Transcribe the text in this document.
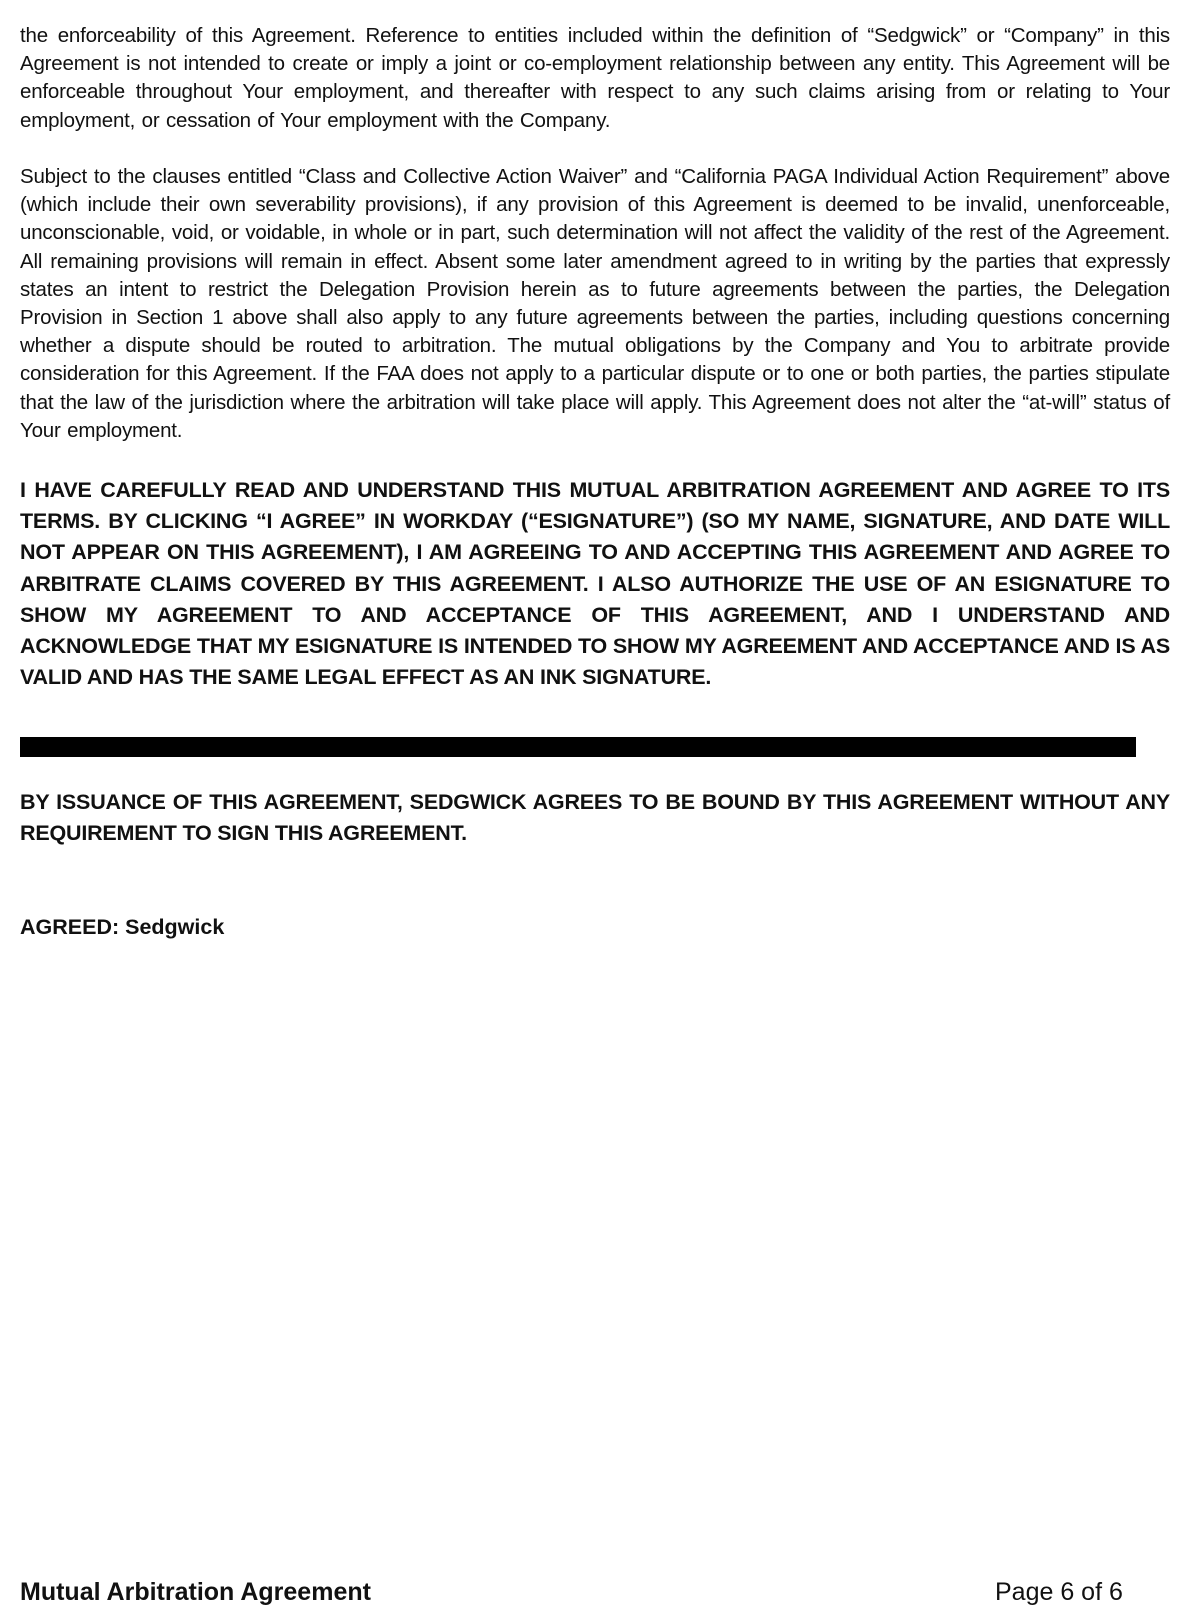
the enforceability of this Agreement. Reference to entities included within the definition of “Sedgwick” or “Company” in this Agreement is not intended to create or imply a joint or co-employment relationship between any entity. This Agreement will be enforceable throughout Your employment, and thereafter with respect to any such claims arising from or relating to Your employment, or cessation of Your employment with the Company.

Subject to the clauses entitled “Class and Collective Action Waiver” and “California PAGA Individual Action Requirement” above (which include their own severability provisions), if any provision of this Agreement is deemed to be invalid, unenforceable, unconscionable, void, or voidable, in whole or in part, such determination will not affect the validity of the rest of the Agreement. All remaining provisions will remain in effect. Absent some later amendment agreed to in writing by the parties that expressly states an intent to restrict the Delegation Provision herein as to future agreements between the parties, the Delegation Provision in Section 1 above shall also apply to any future agreements between the parties, including questions concerning whether a dispute should be routed to arbitration. The mutual obligations by the Company and You to arbitrate provide consideration for this Agreement. If the FAA does not apply to a particular dispute or to one or both parties, the parties stipulate that the law of the jurisdiction where the arbitration will take place will apply. This Agreement does not alter the “at-will” status of Your employment.

I HAVE CAREFULLY READ AND UNDERSTAND THIS MUTUAL ARBITRATION AGREEMENT AND AGREE TO ITS TERMS. BY CLICKING “I AGREE” IN WORKDAY (“ESIGNATURE”) (SO MY NAME, SIGNATURE, AND DATE WILL NOT APPEAR ON THIS AGREEMENT), I AM AGREEING TO AND ACCEPTING THIS AGREEMENT AND AGREE TO ARBITRATE CLAIMS COVERED BY THIS AGREEMENT. I ALSO AUTHORIZE THE USE OF AN ESIGNATURE TO SHOW MY AGREEMENT TO AND ACCEPTANCE OF THIS AGREEMENT, AND I UNDERSTAND AND ACKNOWLEDGE THAT MY ESIGNATURE IS INTENDED TO SHOW MY AGREEMENT AND ACCEPTANCE AND IS AS VALID AND HAS THE SAME LEGAL EFFECT AS AN INK SIGNATURE.

BY ISSUANCE OF THIS AGREEMENT, SEDGWICK AGREES TO BE BOUND BY THIS AGREEMENT WITHOUT ANY REQUIREMENT TO SIGN THIS AGREEMENT.

AGREED: Sedgwick

Mutual Arbitration Agreement	Page 6 of 6
